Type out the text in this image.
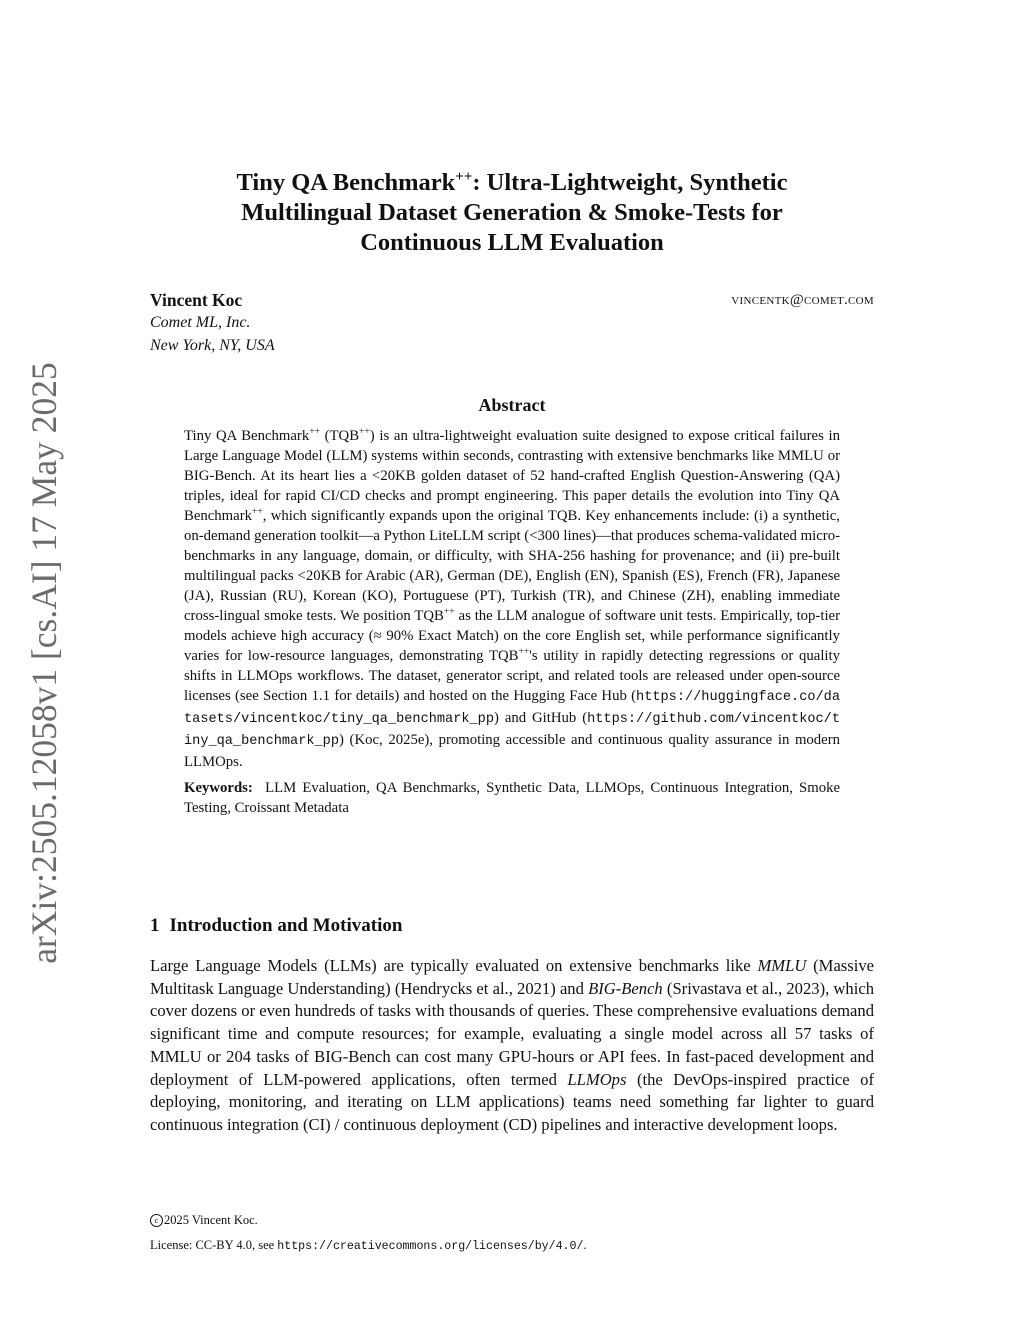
arXiv:2505.12058v1 [cs.AI] 17 May 2025
Tiny QA Benchmark++: Ultra-Lightweight, Synthetic
Multilingual Dataset Generation & Smoke-Tests for
Continuous LLM Evaluation
Vincent Koc	vincentk@comet.com
Comet ML, Inc.
New York, NY, USA
Abstract

Tiny QA Benchmark++ (TQB++) is an ultra-lightweight evaluation suite designed to expose critical failures in Large Language Model (LLM) systems within seconds, contrasting with extensive benchmarks like MMLU or BIG-Bench. At its heart lies a <20KB golden dataset of 52 hand-crafted English Question-Answering (QA) triples, ideal for rapid CI/CD checks and prompt engineering. This paper details the evolution into Tiny QA Benchmark++, which significantly expands upon the original TQB. Key enhancements include: (i) a synthetic, on-demand generation toolkit—a Python LiteLLM script (<300 lines)—that produces schema-validated micro-benchmarks in any language, domain, or difficulty, with SHA-256 hashing for provenance; and (ii) pre-built multilingual packs <20KB for Arabic (AR), German (DE), English (EN), Spanish (ES), French (FR), Japanese (JA), Russian (RU), Korean (KO), Portuguese (PT), Turkish (TR), and Chinese (ZH), enabling immediate cross-lingual smoke tests. We position TQB++ as the LLM analogue of software unit tests. Empirically, top-tier models achieve high accuracy (≈ 90% Exact Match) on the core English set, while performance significantly varies for low-resource languages, demonstrating TQB++'s utility in rapidly detecting regressions or quality shifts in LLMOps workflows. The dataset, generator script, and related tools are released under open-source licenses (see Section 1.1 for details) and hosted on the Hugging Face Hub (https://huggingface.co/datasets/vincentkoc/tiny_qa_benchmark_pp) and GitHub (https://github.com/vincentkoc/tiny_qa_benchmark_pp) (Koc, 2025e), promoting accessible and continuous quality assurance in modern LLMOps.

Keywords: LLM Evaluation, QA Benchmarks, Synthetic Data, LLMOps, Continuous Integration, Smoke Testing, Croissant Metadata

1 Introduction and Motivation

Large Language Models (LLMs) are typically evaluated on extensive benchmarks like MMLU (Massive Multitask Language Understanding) (Hendrycks et al., 2021) and BIG-Bench (Srivastava et al., 2023), which cover dozens or even hundreds of tasks with thousands of queries. These comprehensive evaluations demand significant time and compute resources; for example, evaluating a single model across all 57 tasks of MMLU or 204 tasks of BIG-Bench can cost many GPU-hours or API fees. In fast-paced development and deployment of LLM-powered applications, often termed LLMOps (the DevOps-inspired practice of deploying, monitoring, and iterating on LLM applications) teams need something far lighter to guard continuous integration (CI) / continuous deployment (CD) pipelines and interactive development loops.

c 2025 Vincent Koc.
License: CC-BY 4.0, see https://creativecommons.org/licenses/by/4.0/.
